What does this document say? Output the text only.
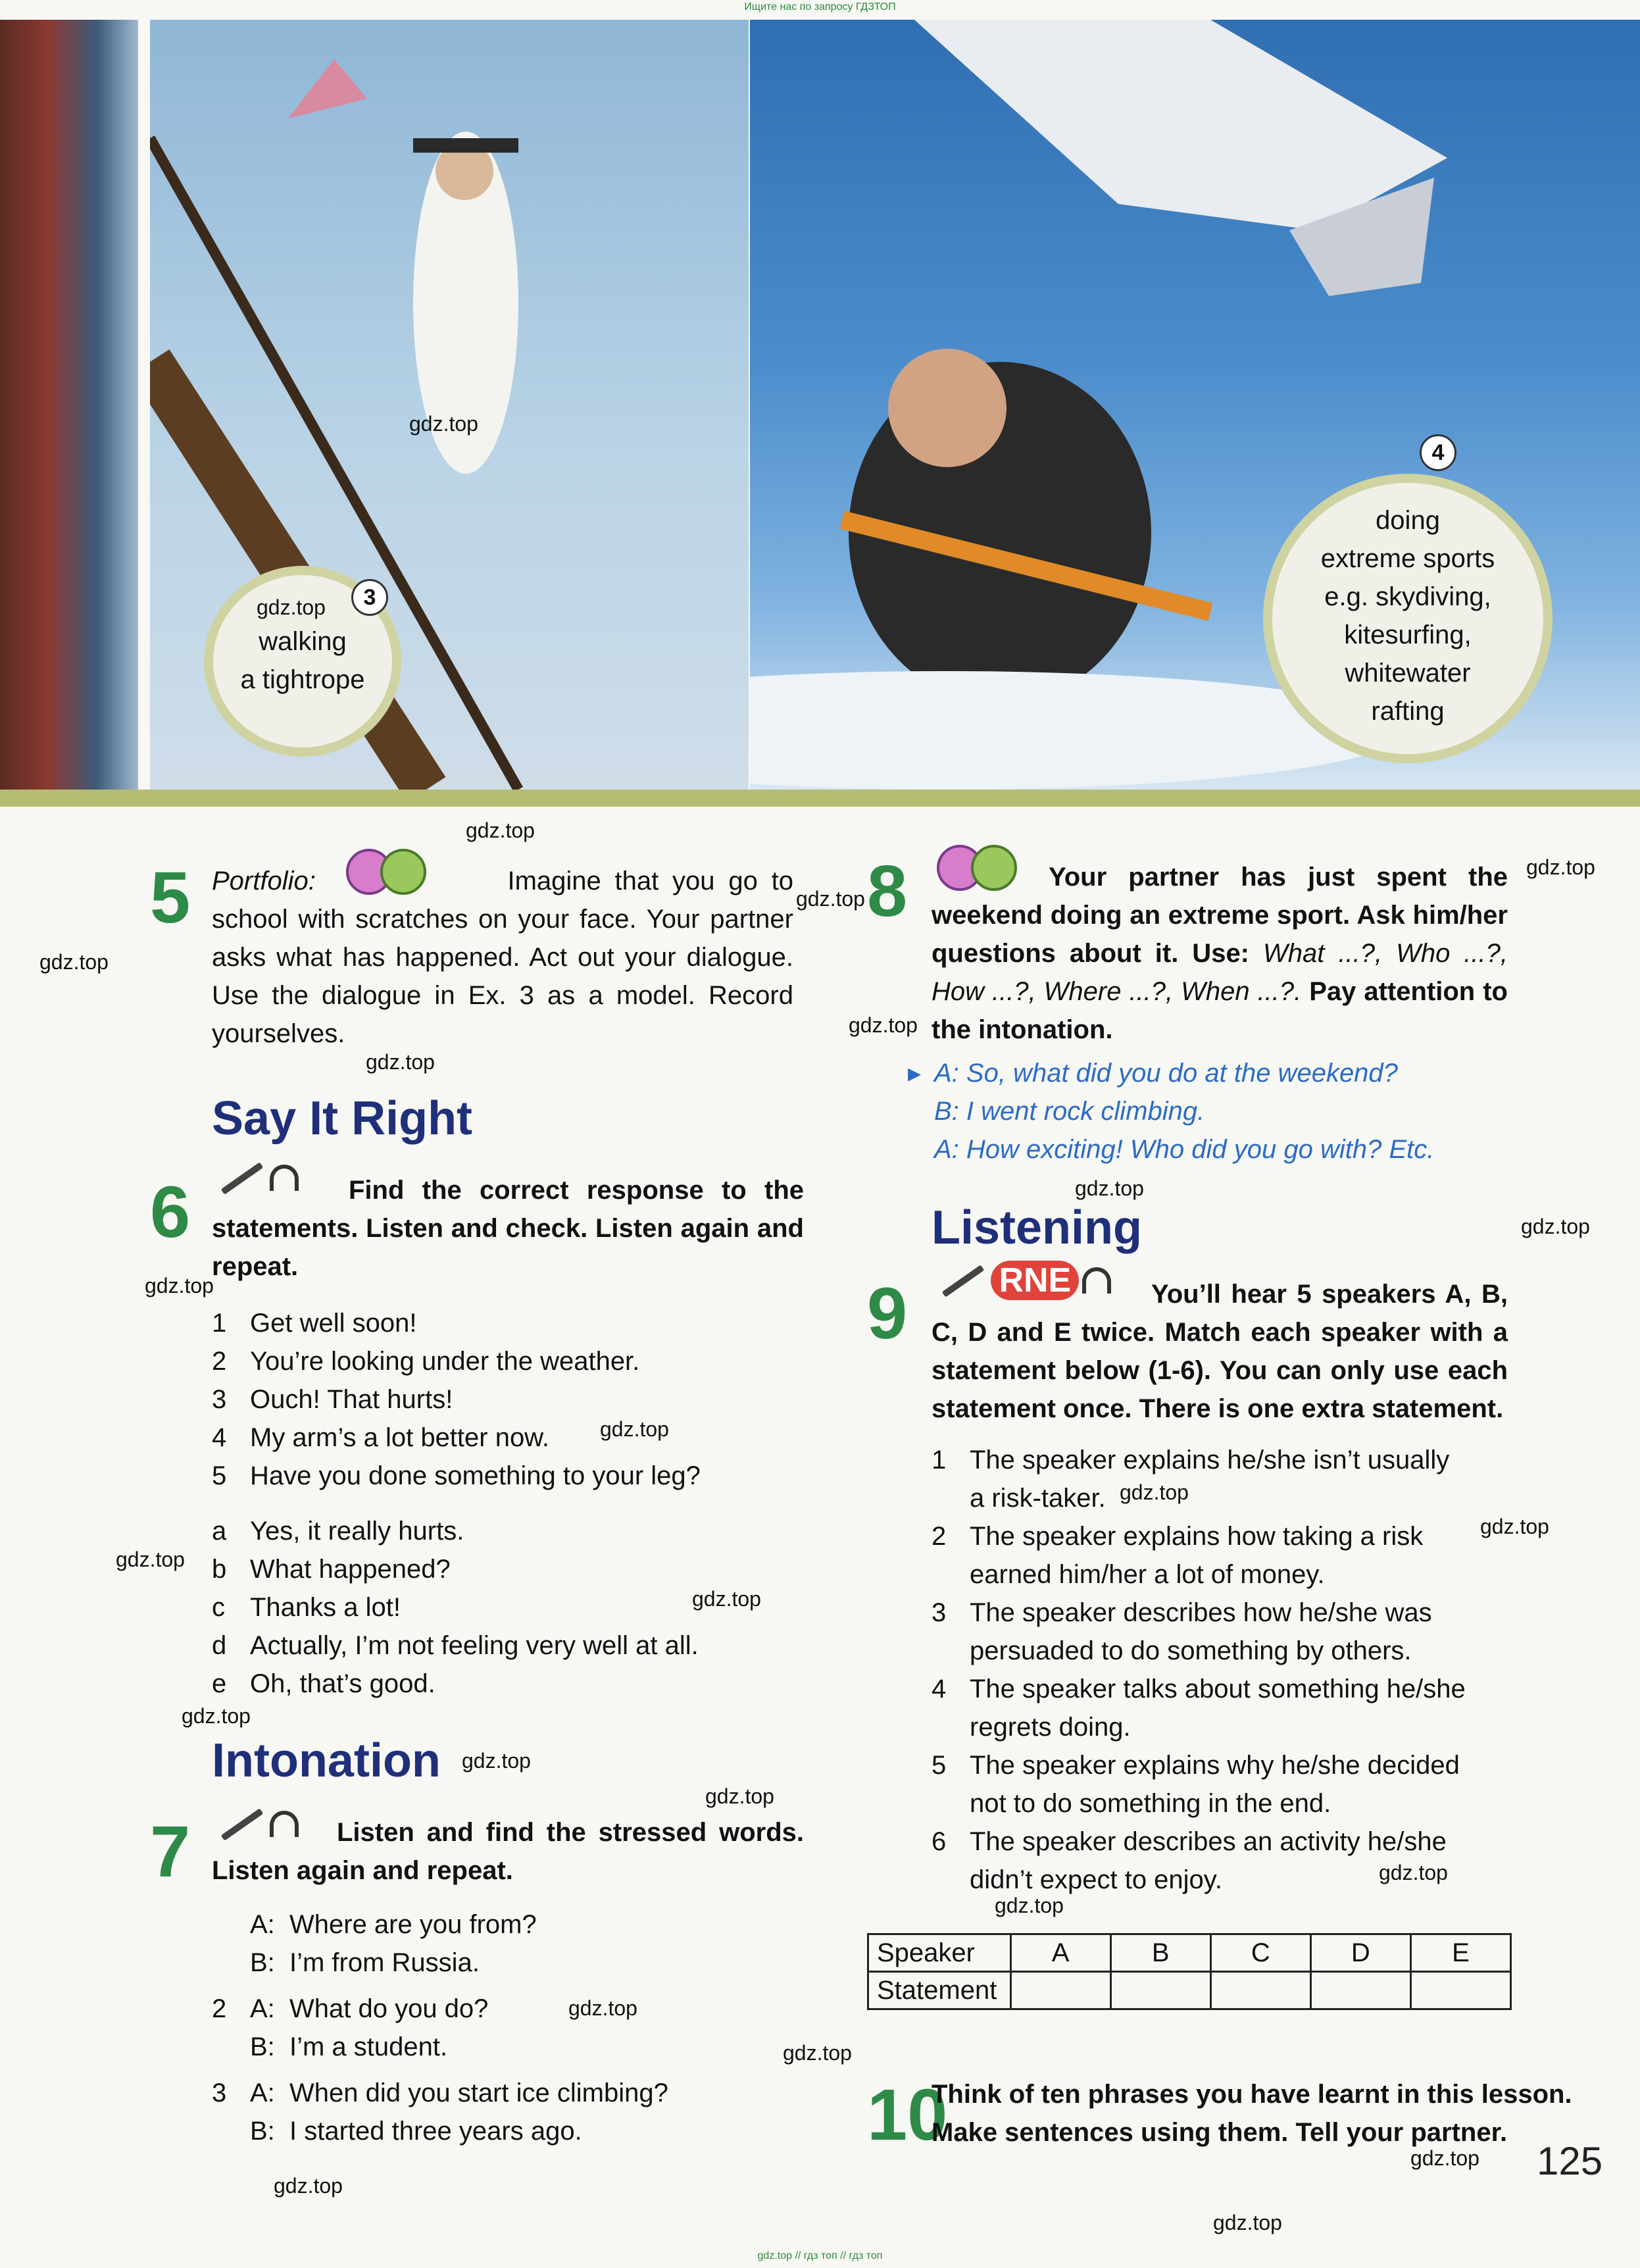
Ищите нас по запросу ГДЗТОП
walking
a tightrope
3
gdz.top
doing
extreme sports
e.g. skydiving,
kitesurfing,
whitewater
rafting
4
gdz.top
gdz.top
5 Portfolio:	Imagine that you go to school with scratches on your face. Your partner asks what has happened. Act out your dialogue. Use the dialogue in Ex. 3 as a model. Record yourselves.
gdz.top
gdz.top
gdz.top
Say It Right
6
	Find the correct response to the statements. Listen and check. Listen again and repeat.
gdz.top
1 Get well soon!
2 You’re looking under the weather.
3 Ouch! That hurts!
4 My arm’s a lot better now.
5 Have you done something to your leg?
gdz.top
a Yes, it really hurts.
b What happened?
c Thanks a lot!
d Actually, I’m not feeling very well at all.
e Oh, that’s good.
gdz.top
gdz.top
gdz.top
Intonation gdz.top
7
	Listen and find the stressed words. Listen again and repeat.
gdz.top
A: Where are you from?
B: I’m from Russia.
2 A: What do you do?
B: I’m a student.
3 A: When did you start ice climbing?
B: I started three years ago.
gdz.top
gdz.top
8	Your partner has just spent the weekend doing an extreme sport. Ask him/her questions about it. Use: What ...?, Who ...?, How ...?, Where ...?, When ...?. Pay attention to the intonation.
gdz.top
gdz.top
▸ A: So, what did you do at the weekend?
B: I went rock climbing.
A: How exciting! Who did you go with? Etc.
gdz.top
Listening	gdz.top
9	RNE	You’ll hear 5 speakers A, B, C, D and E twice. Match each speaker with a statement below (1-6). You can only use each statement once. There is one extra statement.
1 The speaker explains he/she isn’t usually
a risk-taker.
2 The speaker explains how taking a risk
earned him/her a lot of money.
3 The speaker describes how he/she was
persuaded to do something by others.
4 The speaker talks about something he/she
regrets doing.
5 The speaker explains why he/she decided
not to do something in the end.
6 The speaker describes an activity he/she
didn’t expect to enjoy.
gdz.top
gdz.top
gdz.top
gdz.top
Speaker	A	B	C	D	E
Statement					
gdz.top
10
Think of ten phrases you have learnt in this lesson.
Make sentences using them. Tell your partner.
gdz.top 125
gdz.top
gdz.top // гдз топ // гдз топ
